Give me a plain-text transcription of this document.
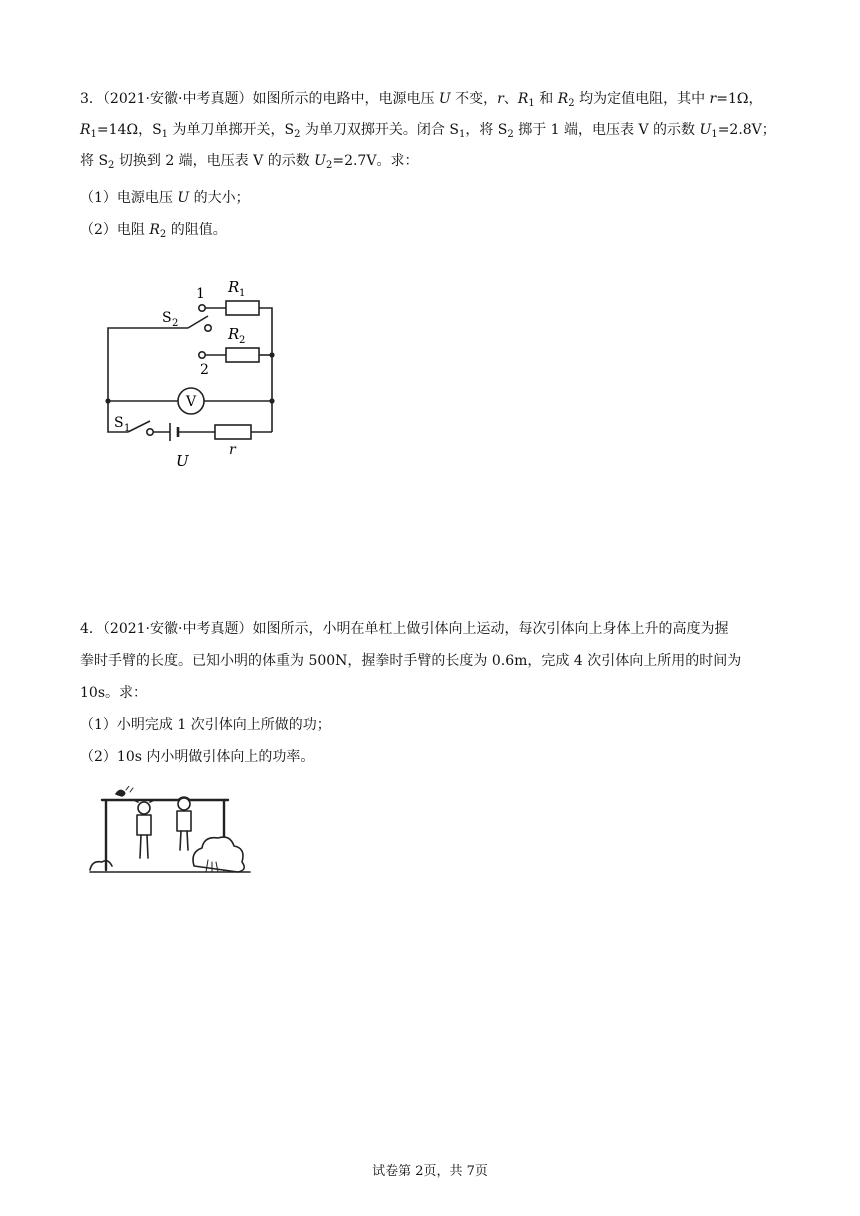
3．（2021·安徽·中考真题）如图所示的电路中，电源电压 U 不变，r、$R_1$ 和 $R_2$ 均为定值电阻，其中 r=1Ω，

$R_1=14\Omega$，$S_1$ 为单刀单掷开关，$S_2$ 为单刀双掷开关。闭合 $S_1$，将 $S_2$ 掷于 1 端，电压表 V 的示数 $U_1=2.8V$；

将 $S_2$ 切换到 2 端，电压表 V 的示数 $U_2=2.7V$。求：

（1）电源电压 U 的大小；

（2）电阻 $R_2$ 的阻值。

1
2
R 1
R 2
S 2
V
S 1
U
r

4．（2021·安徽·中考真题）如图所示，小明在单杠上做引体向上运动，每次引体向上身体上升的高度为握

拳时手臂的长度。已知小明的体重为 500N，握拳时手臂的长度为 0.6m，完成 4 次引体向上所用的时间为

10s。求：

（1）小明完成 1 次引体向上所做的功；

（2）10s 内小明做引体向上的功率。

试卷第 2页，共 7页
